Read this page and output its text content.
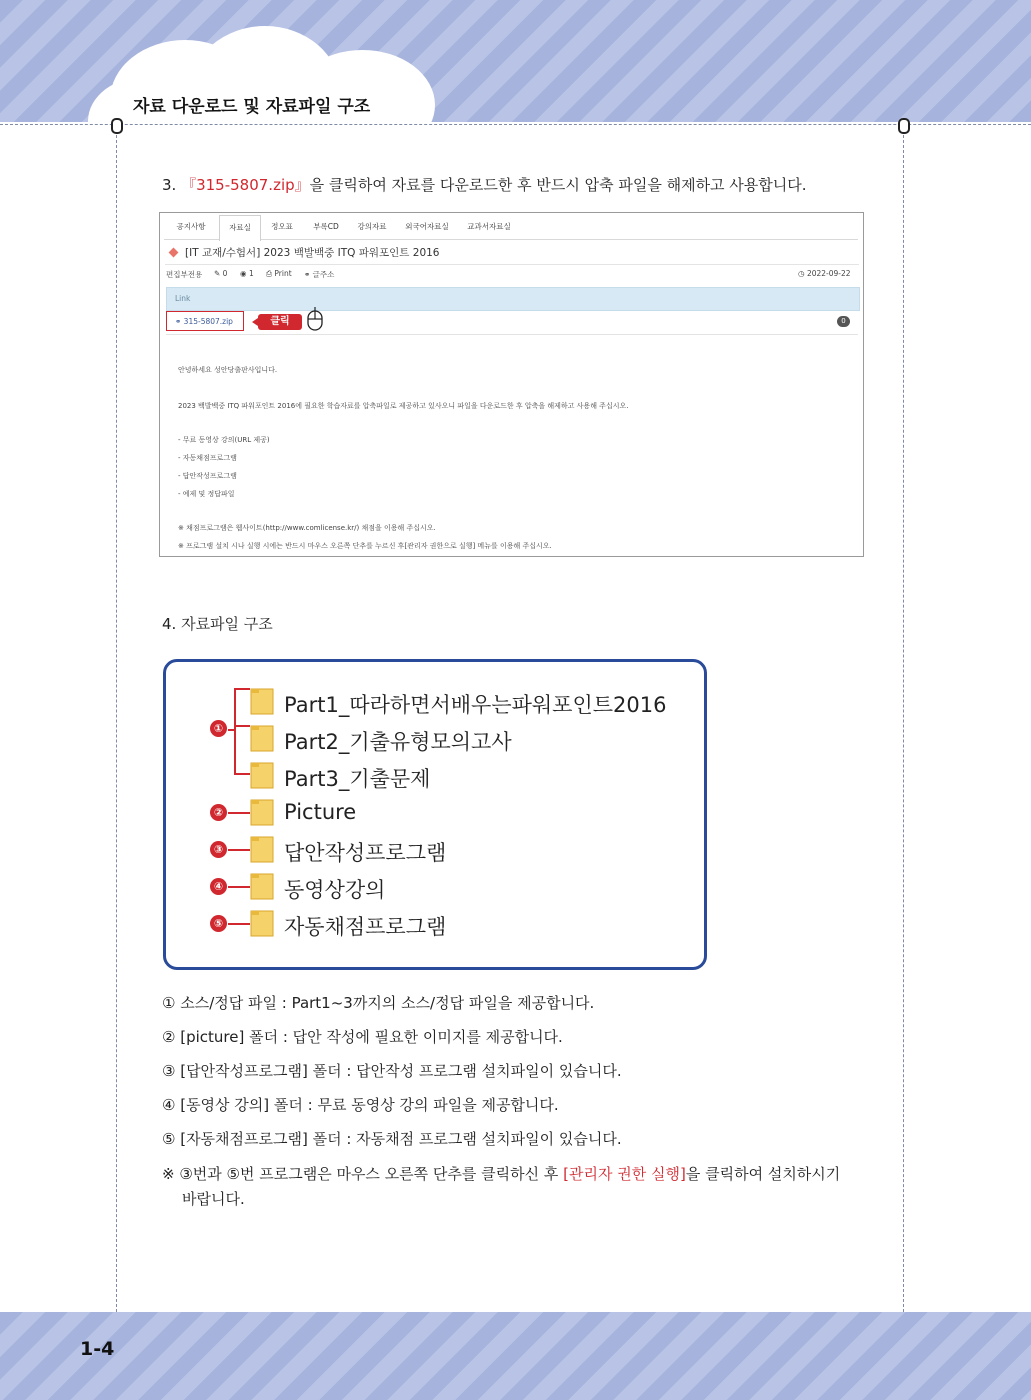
자료 다운로드 및 자료파일 구조
3. 『315-5807.zip』을 클릭하여 자료를 다운로드한 후 반드시 압축 파일을 해제하고 사용합니다.
공지사항	자료실	정오표	부록CD	강의자료	외국어자료실	교과서자료실
[IT 교재/수험서] 2023 백발백중 ITQ 파워포인트 2016
편집부전용 ✎ 0 ◉ 1 ⎙ Print ⚭ 글주소	◷ 2022-09-22
Link
⚭ 315-5807.zip	클릭	0
안녕하세요 성안당출판사입니다.
2023 백발백중 ITQ 파워포인트 2016에 필요한 학습자료를 압축파일로 제공하고 있사오니 파일을 다운로드한 후 압축을 해제하고 사용해 주십시오.
- 무료 동영상 강의(URL 제공)
- 자동채점프로그램
- 답안작성프로그램
- 예제 및 정답파일
※ 채점프로그램은 웹사이트(http://www.comlicense.kr/) 채점을 이용해 주십시오.
※ 프로그램 설치 시나 실행 시에는 반드시 마우스 오른쪽 단추를 누르신 후[관리자 권한으로 실행] 메뉴를 이용해 주십시오.
4. 자료파일 구조
①
Part1_따라하면서배우는파워포인트2016
Part2_기출유형모의고사
Part3_기출문제
②	Picture
③	답안작성프로그램
④	동영상강의
⑤	자동채점프로그램
① 소스/정답 파일 : Part1~3까지의 소스/정답 파일을 제공합니다.
② [picture] 폴더 : 답안 작성에 필요한 이미지를 제공합니다.
③ [답안작성프로그램] 폴더 : 답안작성 프로그램 설치파일이 있습니다.
④ [동영상 강의] 폴더 : 무료 동영상 강의 파일을 제공합니다.
⑤ [자동채점프로그램] 폴더 : 자동채점 프로그램 설치파일이 있습니다.
※ ③번과 ⑤번 프로그램은 마우스 오른쪽 단추를 클릭하신 후 [관리자 권한 실행]을 클릭하여 설치하시기
바랍니다.
1-4
